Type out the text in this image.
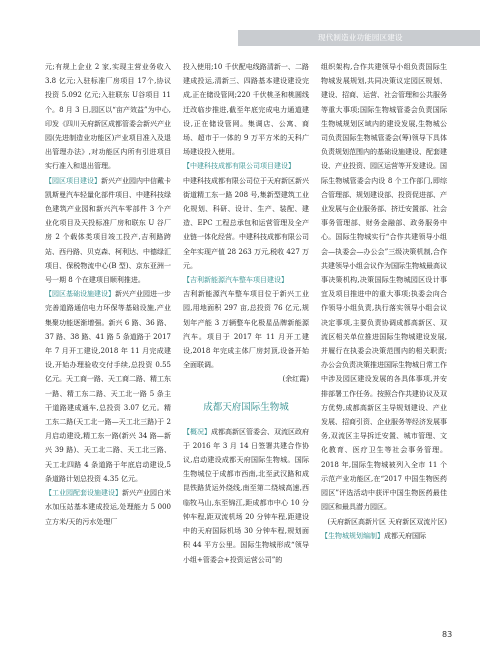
现代制造业功能园区建设

元;有规上企业 2 家,实现主营业务收入 3.8 亿元;入驻标准厂房项目 17个,协议投资 5.092 亿元;入驻联东 U谷项目 11 个。8 月 3 日,园区以“亩产效益”为中心,印发《四川天府新区成都管委会新兴产业园(先进制造业功能区)产业项目准入及退出管理办法》,对功能区内所有引进项目实行准入和退出管理。

【园区项目建设】新兴产业园内中信戴卡凯斯曼汽车轻量化部件项目、中建科技绿色建筑产业园和新兴汽车零部件 3 个产业化项目及天投标准厂房和联东 U 谷厂房 2 个载体类项目竣工投产,吉利路跨站、西丹路、贝克森、柯利达、中德绿汇项目、保税物流中心(B 型)、京东亚洲一号一期 8 个在建项目顺利推进。

【园区基础设施建设】新兴产业园进一步完善道路通信电力环保等基础设施,产业集聚功能逐渐增强。新兴 6 路、36 路、37 路、38 路、41 路 5 条道路于 2017 年 7 月开工建设,2018 年 11 月完成建设,开始办理验收交付手续,总投资 0.55 亿元。天工商一路、天工商二路、精工东一路、精工东二路、天工北一路 5 条主干道路建成通车,总投资 3.07 亿元。精工东二路(天工北一路—天工北三路)于 2 月启动建设,精工东一路(新兴 34 路—新兴 39 路)、天工北二路、天工北三路、天工北四路 4 条道路于年底启动建设,5 条道路计划总投资 4.35 亿元。

【工业园配套设施建设】新兴产业园白米水加压站基本建成投运,处理能力 5 000 立方米/天的污水处理厂

投入使用;10 千伏配电线路清新一、二路建成投运,清新三、四路基本建设建设完成,正在储设管网;220 千伏桃圣和桃圆线迁改临步推进,截至年底完成电力通道建设,正在储设管网。集调店、公寓、商场、超市于一体的 9 万平方米的天科广场建设投入使用。

【中建科技成都有限公司项目建设】
中建科技成都有限公司位于天府新区新兴街道精工东一路 208 号,集新型建筑工业化规划、科研、设计、生产、装配、建造、EPC 工程总承包和运营管理及全产业链一体化经营。中建科技成都有限公司全年实现产值 28 263 万元,税收 427 万元。

【吉利新能源汽车整车项目建设】
吉利新能源汽车整车项目位于新兴工业园,用地面积 297 亩,总投资 76 亿元,规划年产能 3 万辆整车化极星品牌新能源汽车。项目于 2017 年 11 月开工建设,2018 年完成主体厂房封顶,设备开始全面联调。

(余红霞)

成都天府国际生物城

【概况】成都高新区管委会、双流区政府于 2016 年 3 月 14 日签署共建合作协议,启动建设成都天府国际生物城。国际生物城位于成都市西南,北至武汉路和成昆铁路货运外绕线,南至第二绕城高速,西临牧马山,东至锦江,距成都市中心 10 分钟车程,距双流机场 20 分钟车程,距建设中的天府国际机场 30 分钟车程,规划面积 44 平方公里。国际生物城形成“领导小组+管委会+投资运营公司”的

组织架构,合作共建领导小组负责国际生物城发展规划,共同决策议定园区规划、建设、招商、运营、社会管理和公共服务等重大事项;国际生物城管委会负责国际生物城规划区域内的建设发展,生物城公司负责国际生物城管委会(筹)领导下具体负责规划范围内的基础设施建设、配套建设、产业投资、园区运营等开发建设。国际生物城管委会内设 8 个工作部门,即综合管理部、规划建设部、投资促进部、产业发展与企业服务部、挤迁安置部、社会事务管理部、财务金融部、政务服务中心。国际生物城实行“合作共建领导小组会—执委会—办公会”三级决策机制,合作共建领导小组会议作为国际生物城最高议事决策机构,决策国际生物城园区设计事宜及项目推进中的重大事项;执委会向合作领导小组负责,执行落实领导小组会议决定事项,主要负责协调成都高新区、双流区相关单位推进国际生物城建设发展,并履行在执委会决策范围内的相关职责;办公会负责决策推进国际生物城日常工作中涉及园区建设发展的各具体事项,并安排部署工作任务。按照合作共建协议及双方优势,成都高新区主导规划建设、产业发展、招商引资、企业服务等经济发展事务,双流区主导拆迁安置、城市管理、文化教育、医疗卫生等社会事务管理。2018 年,国际生物城被列入全市 11 个示范产业功能区,在“2017 中国生物医药园区”评选活动中获评中国生物医药最佳园区和最具潜力园区。

(天府新区高新片区 天府新区双流片区)

【生物城规划编制】成都天府国际

83
